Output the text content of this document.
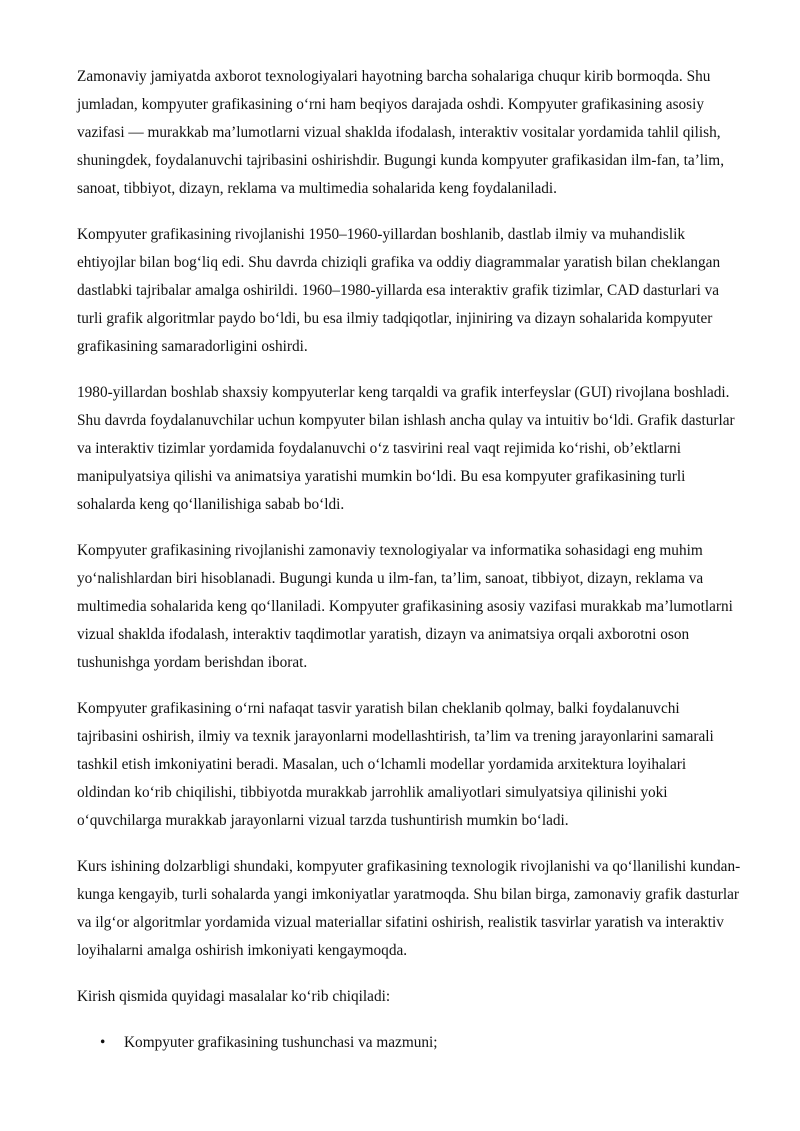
Zamonaviy jamiyatda axborot texnologiyalari hayotning barcha sohalariga chuqur kirib bormoqda. Shu jumladan, kompyuter grafikasining oʻrni ham beqiyos darajada oshdi. Kompyuter grafikasining asosiy vazifasi — murakkab maʼlumotlarni vizual shaklda ifodalash, interaktiv vositalar yordamida tahlil qilish, shuningdek, foydalanuvchi tajribasini oshirishdir. Bugungi kunda kompyuter grafikasidan ilm-fan, taʼlim, sanoat, tibbiyot, dizayn, reklama va multimedia sohalarida keng foydalaniladi.

Kompyuter grafikasining rivojlanishi 1950–1960-yillardan boshlanib, dastlab ilmiy va muhandislik ehtiyojlar bilan bogʻliq edi. Shu davrda chiziqli grafika va oddiy diagrammalar yaratish bilan cheklangan dastlabki tajribalar amalga oshirildi. 1960–1980-yillarda esa interaktiv grafik tizimlar, CAD dasturlari va turli grafik algoritmlar paydo boʻldi, bu esa ilmiy tadqiqotlar, injiniring va dizayn sohalarida kompyuter grafikasining samaradorligini oshirdi.

1980-yillardan boshlab shaxsiy kompyuterlar keng tarqaldi va grafik interfeyslar (GUI) rivojlana boshladi. Shu davrda foydalanuvchilar uchun kompyuter bilan ishlash ancha qulay va intuitiv boʻldi. Grafik dasturlar va interaktiv tizimlar yordamida foydalanuvchi oʻz tasvirini real vaqt rejimida koʻrishi, obʼektlarni manipulyatsiya qilishi va animatsiya yaratishi mumkin boʻldi. Bu esa kompyuter grafikasining turli sohalarda keng qoʻllanilishiga sabab boʻldi.

Kompyuter grafikasining rivojlanishi zamonaviy texnologiyalar va informatika sohasidagi eng muhim yoʻnalishlardan biri hisoblanadi. Bugungi kunda u ilm-fan, taʼlim, sanoat, tibbiyot, dizayn, reklama va multimedia sohalarida keng qoʻllaniladi. Kompyuter grafikasining asosiy vazifasi murakkab maʼlumotlarni vizual shaklda ifodalash, interaktiv taqdimotlar yaratish, dizayn va animatsiya orqali axborotni oson tushunishga yordam berishdan iborat.

Kompyuter grafikasining oʻrni nafaqat tasvir yaratish bilan cheklanib qolmay, balki foydalanuvchi tajribasini oshirish, ilmiy va texnik jarayonlarni modellashtirish, taʼlim va trening jarayonlarini samarali tashkil etish imkoniyatini beradi. Masalan, uch oʻlchamli modellar yordamida arxitektura loyihalari oldindan koʻrib chiqilishi, tibbiyotda murakkab jarrohlik amaliyotlari simulyatsiya qilinishi yoki oʻquvchilarga murakkab jarayonlarni vizual tarzda tushuntirish mumkin boʻladi.

Kurs ishining dolzarbligi shundaki, kompyuter grafikasining texnologik rivojlanishi va qoʻllanilishi kundan-kunga kengayib, turli sohalarda yangi imkoniyatlar yaratmoqda. Shu bilan birga, zamonaviy grafik dasturlar va ilgʻor algoritmlar yordamida vizual materiallar sifatini oshirish, realistik tasvirlar yaratish va interaktiv loyihalarni amalga oshirish imkoniyati kengaymoqda.

Kirish qismida quyidagi masalalar koʻrib chiqiladi:

• Kompyuter grafikasining tushunchasi va mazmuni;
